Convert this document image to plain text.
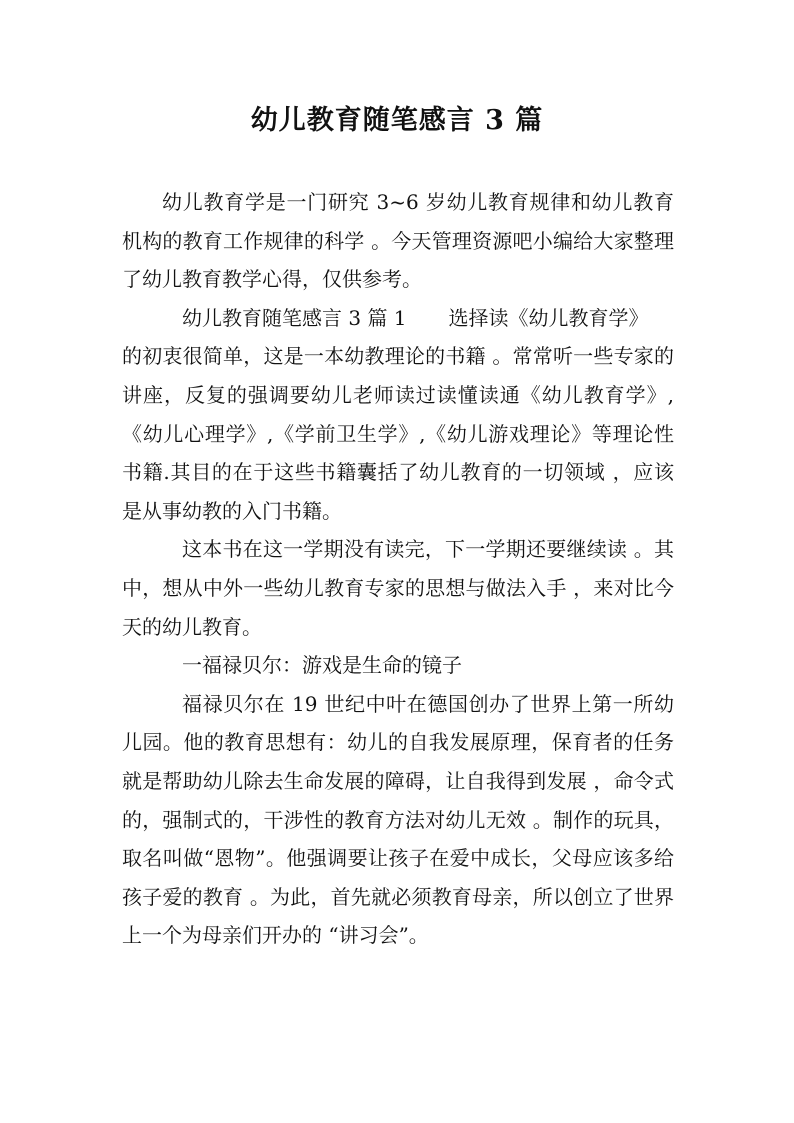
幼儿教育随笔感言 3 篇

幼儿教育学是一门研究 3~6 岁幼儿教育规律和幼儿教育机构的教育工作规律的科学 。今天管理资源吧小编给大家整理了幼儿教育教学心得，仅供参考。

幼儿教育随笔感言 3 篇 1 选择读《幼儿教育学》

的初衷很简单，这是一本幼教理论的书籍 。常常听一些专家的讲座，反复的强调要幼儿老师读过读懂读通《幼儿教育学》,《幼儿心理学》,《学前卫生学》,《幼儿游戏理论》等理论性书籍.其目的在于这些书籍囊括了幼儿教育的一切领域 ，应该是从事幼教的入门书籍。

这本书在这一学期没有读完，下一学期还要继续读 。其中，想从中外一些幼儿教育专家的思想与做法入手 ，来对比今天的幼儿教育。

一福禄贝尔：游戏是生命的镜子

福禄贝尔在 19 世纪中叶在德国创办了世界上第一所幼儿园。他的教育思想有：幼儿的自我发展原理，保育者的任务就是帮助幼儿除去生命发展的障碍，让自我得到发展 ，命令式的，强制式的，干涉性的教育方法对幼儿无效 。制作的玩具，取名叫做“恩物”。他强调要让孩子在爱中成长，父母应该多给孩子爱的教育 。为此，首先就必须教育母亲，所以创立了世界上一个为母亲们开办的 “讲习会”。
